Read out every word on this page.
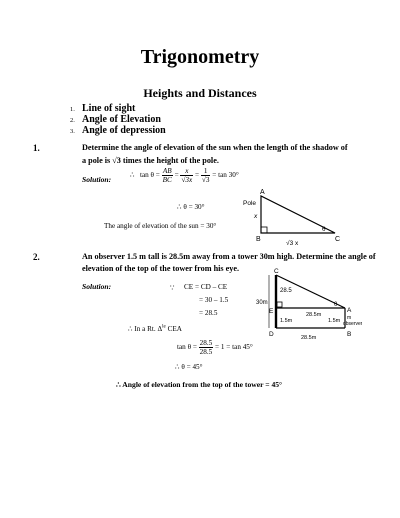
Trigonometry
Heights and Distances
1. Line of sight
2. Angle of Elevation
3. Angle of depression
1.	Determine the angle of elevation of the sun when the length of the shadow of
a pole is √3 times the height of the pole.
Solution:	∴ $\tan \theta = \frac{AB}{BC} = \frac{x}{√3x} = \frac{1}{√3} = \tan 30^\circ$
∴ θ = 30°
The angle of elevation of the sun = 30°
A
B	C
Pole
x
θ
√3 x
2.	An observer 1.5 m tall is 28.5m away from a tower 30m high. Determine the angle of
elevation of the top of the tower from his eye.
Solution:	∵ CE = CD – CE
= 30 – 1.5
= 28.5
∴ In a Rt. $\Delta^{le}$ CEA
$\tan \theta = \frac{28.5}{28.5} = 1 = \tan 45^\circ$
∴ θ = 45°
∴ Angle of elevation from the top of the tower = 45°
C
E
D
A
B
30m
28.5
28.5m
28.5m
1.5m	1.5m
θ
m
observer
